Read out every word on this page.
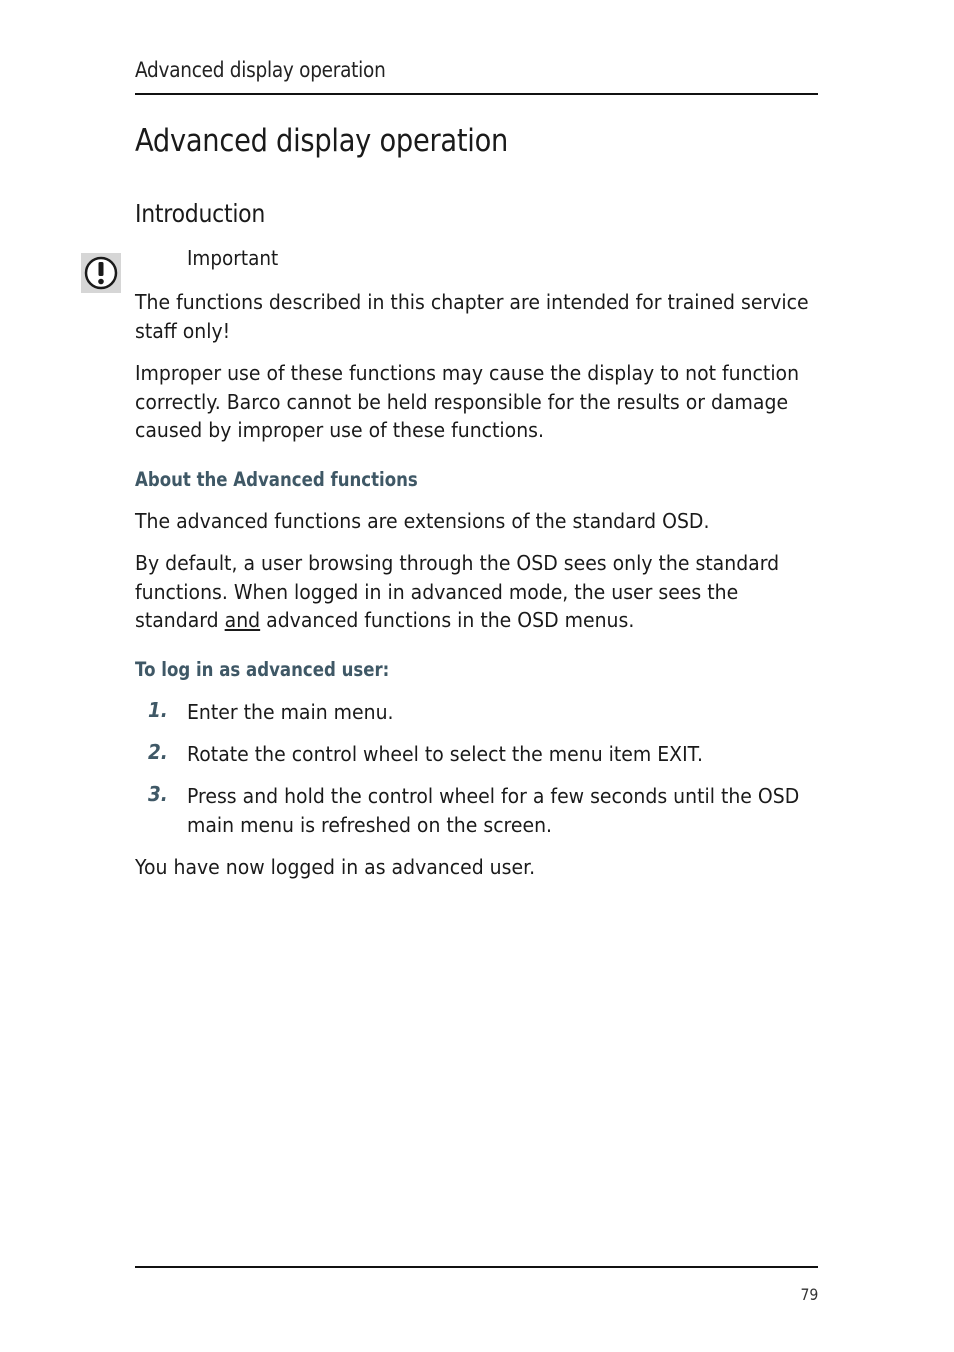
Advanced display operation
Advanced display operation
Introduction
Important
The functions described in this chapter are intended for trained service staff only!
Improper use of these functions may cause the display to not function correctly. Barco cannot be held responsible for the results or damage caused by improper use of these functions.
About the Advanced functions
The advanced functions are extensions of the standard OSD.
By default, a user browsing through the OSD sees only the standard functions. When logged in in advanced mode, the user sees the standard and advanced functions in the OSD menus.
To log in as advanced user:
1. Enter the main menu.
2. Rotate the control wheel to select the menu item EXIT.
3. Press and hold the control wheel for a few seconds until the OSD main menu is refreshed on the screen.
You have now logged in as advanced user.
79
